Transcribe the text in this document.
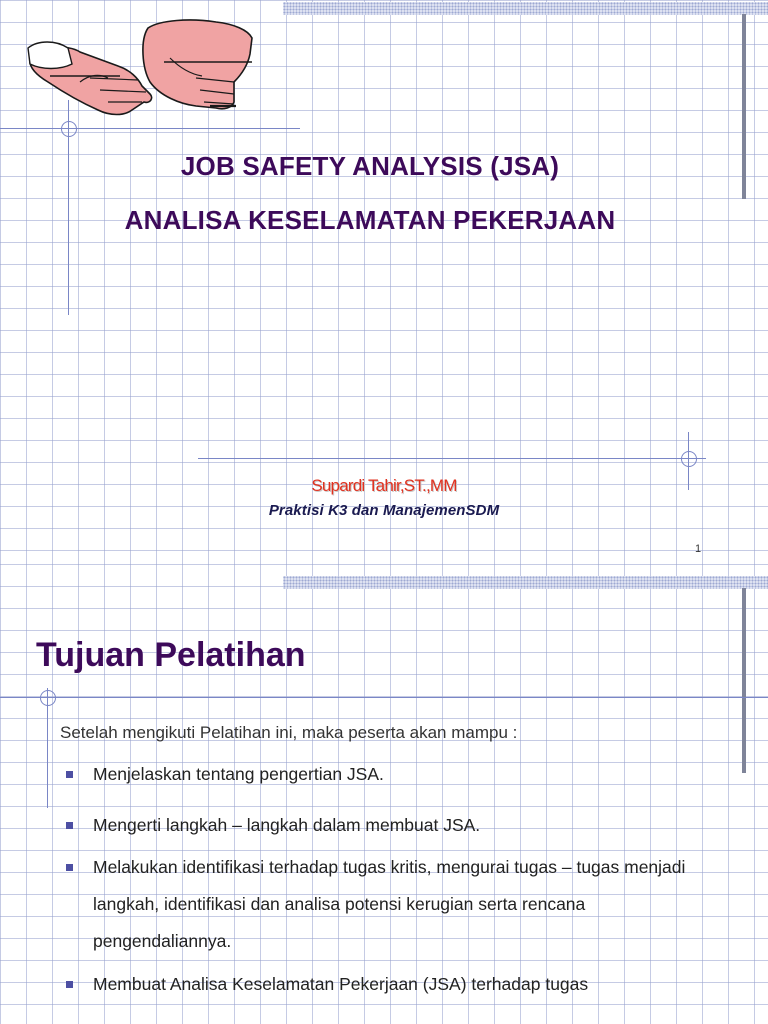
JOB SAFETY ANALYSIS (JSA)
ANALISA KESELAMATAN PEKERJAAN
Supardi Tahir,ST.,MM
Praktisi K3 dan ManajemenSDM
1
Tujuan Pelatihan
Setelah mengikuti Pelatihan ini, maka peserta akan mampu :
Menjelaskan tentang pengertian JSA.
Mengerti langkah – langkah dalam membuat JSA.
Melakukan identifikasi terhadap tugas kritis, mengurai tugas – tugas menjadi langkah, identifikasi dan analisa potensi kerugian serta rencana pengendaliannya.
Membuat Analisa Keselamatan Pekerjaan (JSA) terhadap tugas
